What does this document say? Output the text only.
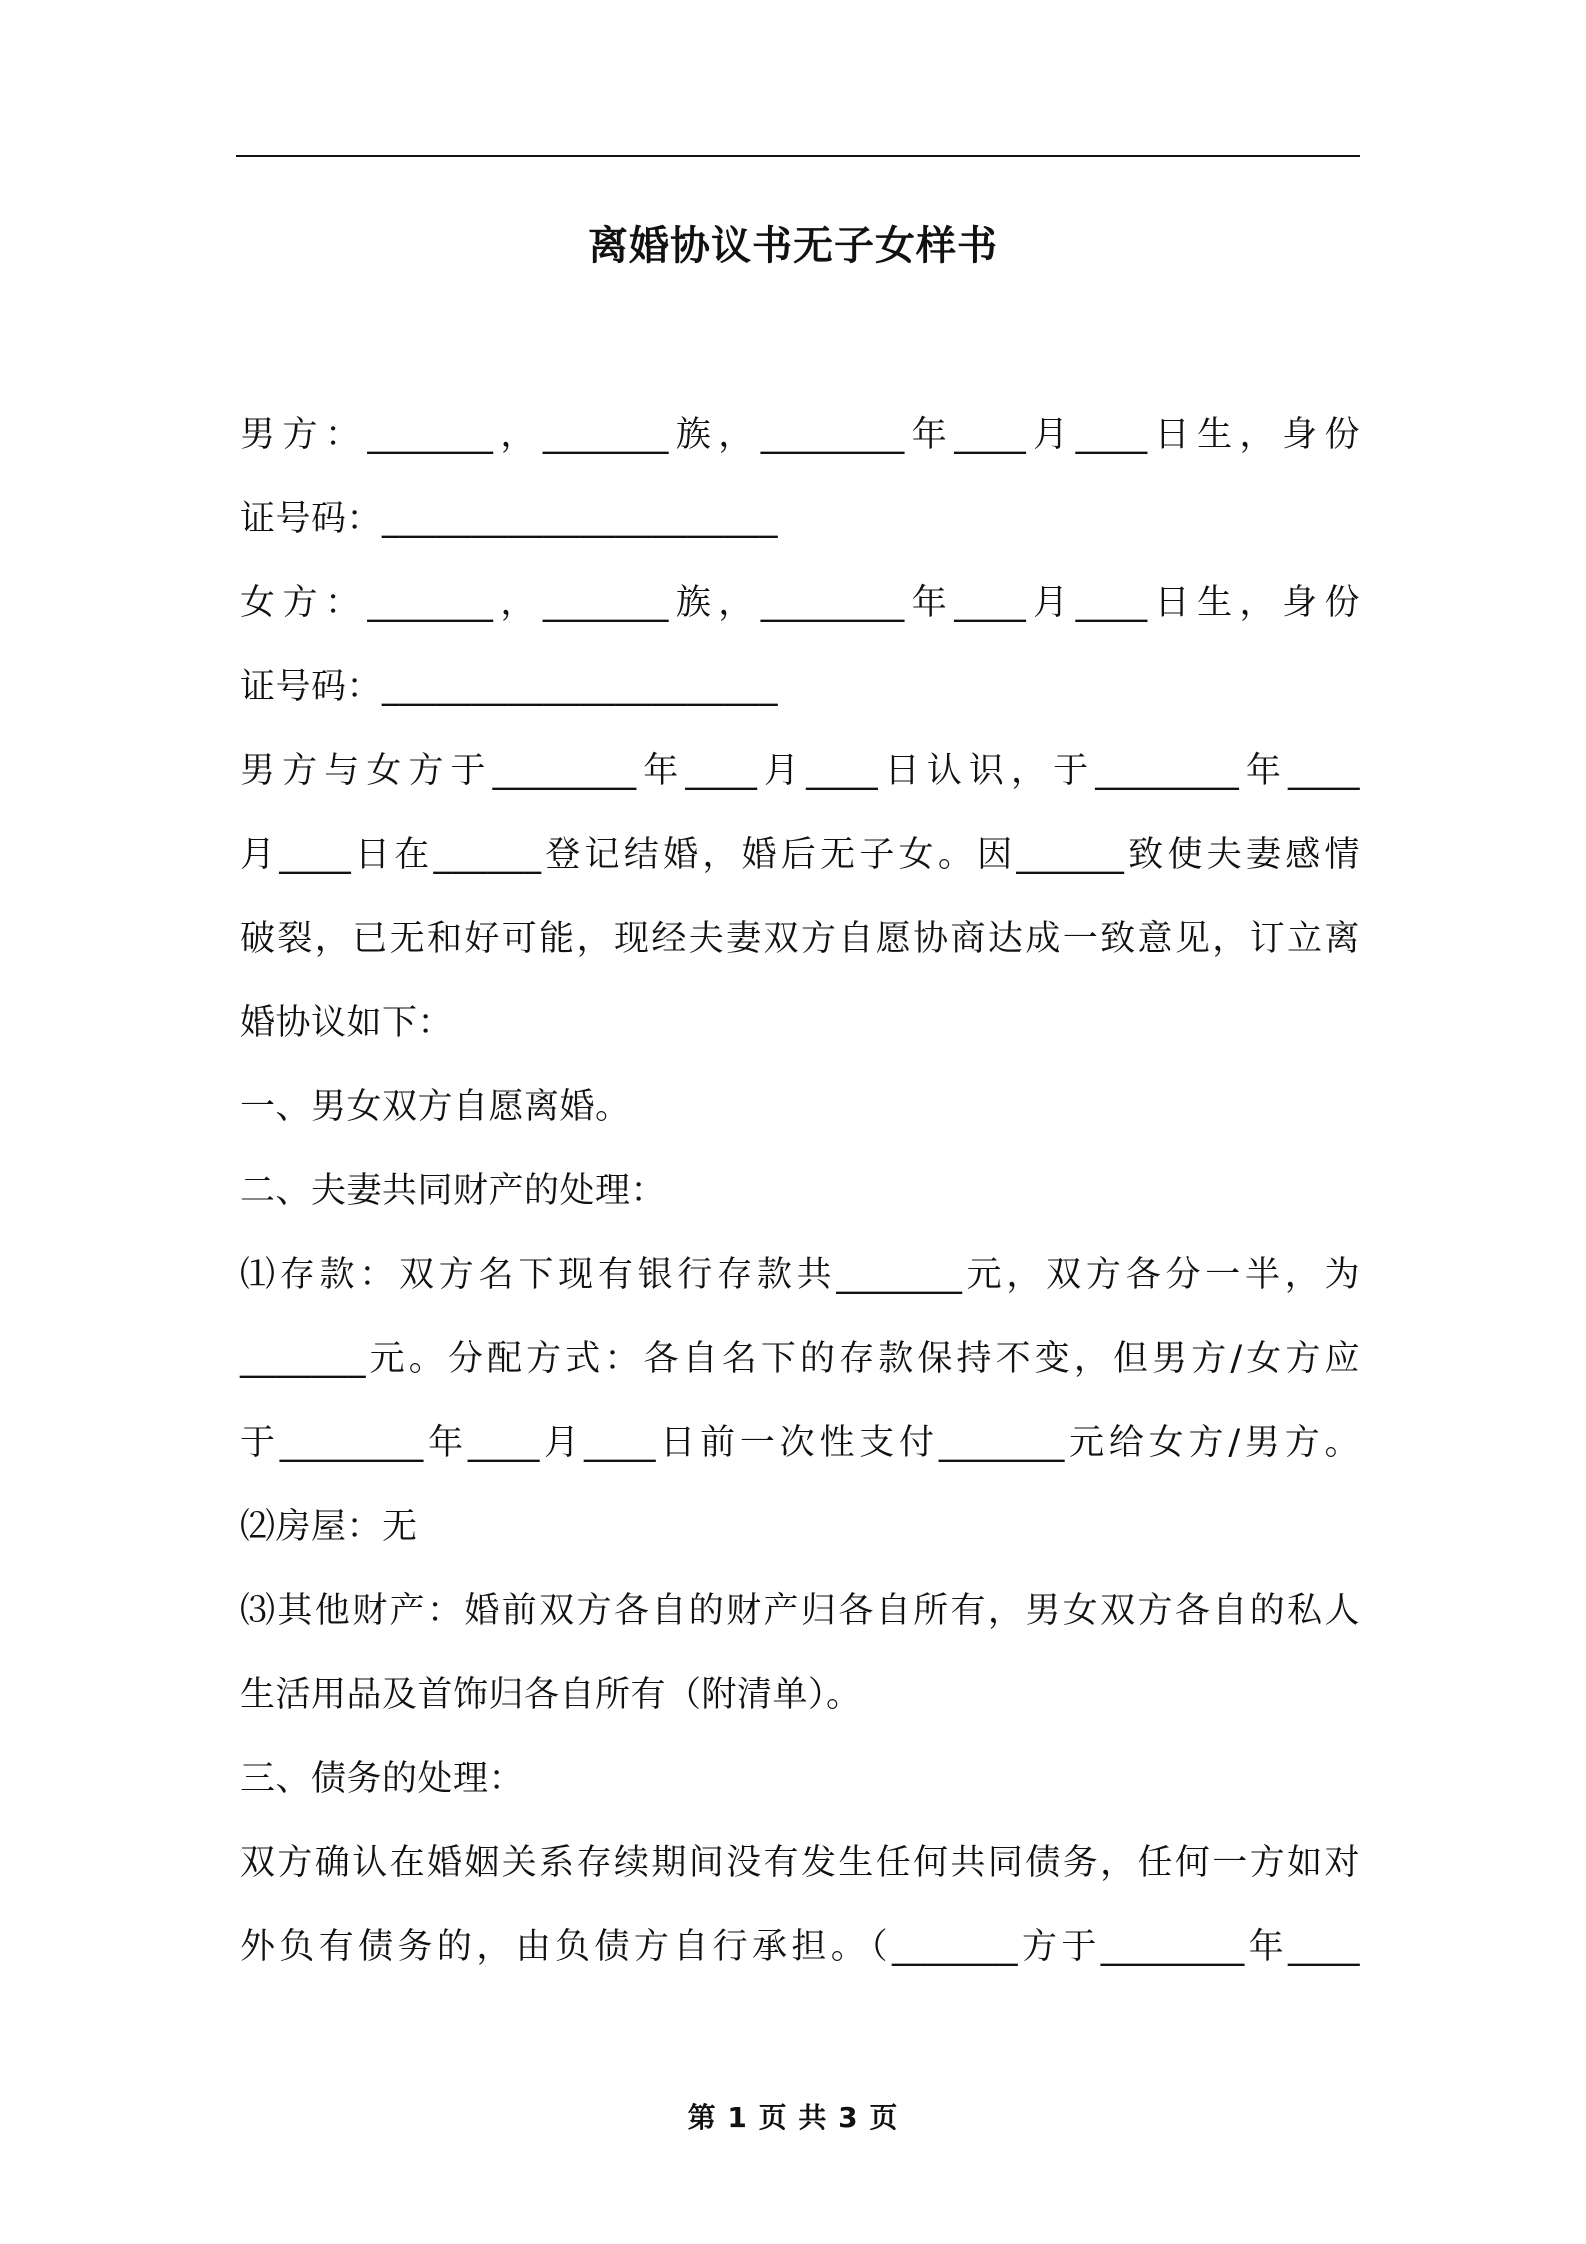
离婚协议书无子女样书
男方：_______，_______族，________年____月____日生，身份
证号码：______________________
女方：_______，_______族，________年____月____日生，身份
证号码：______________________
男方与女方于________年____月____日认识，于________年____
月____日在______登记结婚，婚后无子女。因______致使夫妻感情
破裂，已无和好可能，现经夫妻双方自愿协商达成一致意见，订立离
婚协议如下：
一、男女双方自愿离婚。
二、夫妻共同财产的处理：
⑴存款：双方名下现有银行存款共_______元，双方各分一半，为
_______元。分配方式：各自名下的存款保持不变，但男方/女方应
于________年____月____日前一次性支付_______元给女方/男方。
⑵房屋：无
⑶其他财产：婚前双方各自的财产归各自所有，男女双方各自的私人
生活用品及首饰归各自所有（附清单）。
三、债务的处理：
双方确认在婚姻关系存续期间没有发生任何共同债务，任何一方如对
外负有债务的，由负债方自行承担。（_______方于________年____
第 1 页 共 3 页
